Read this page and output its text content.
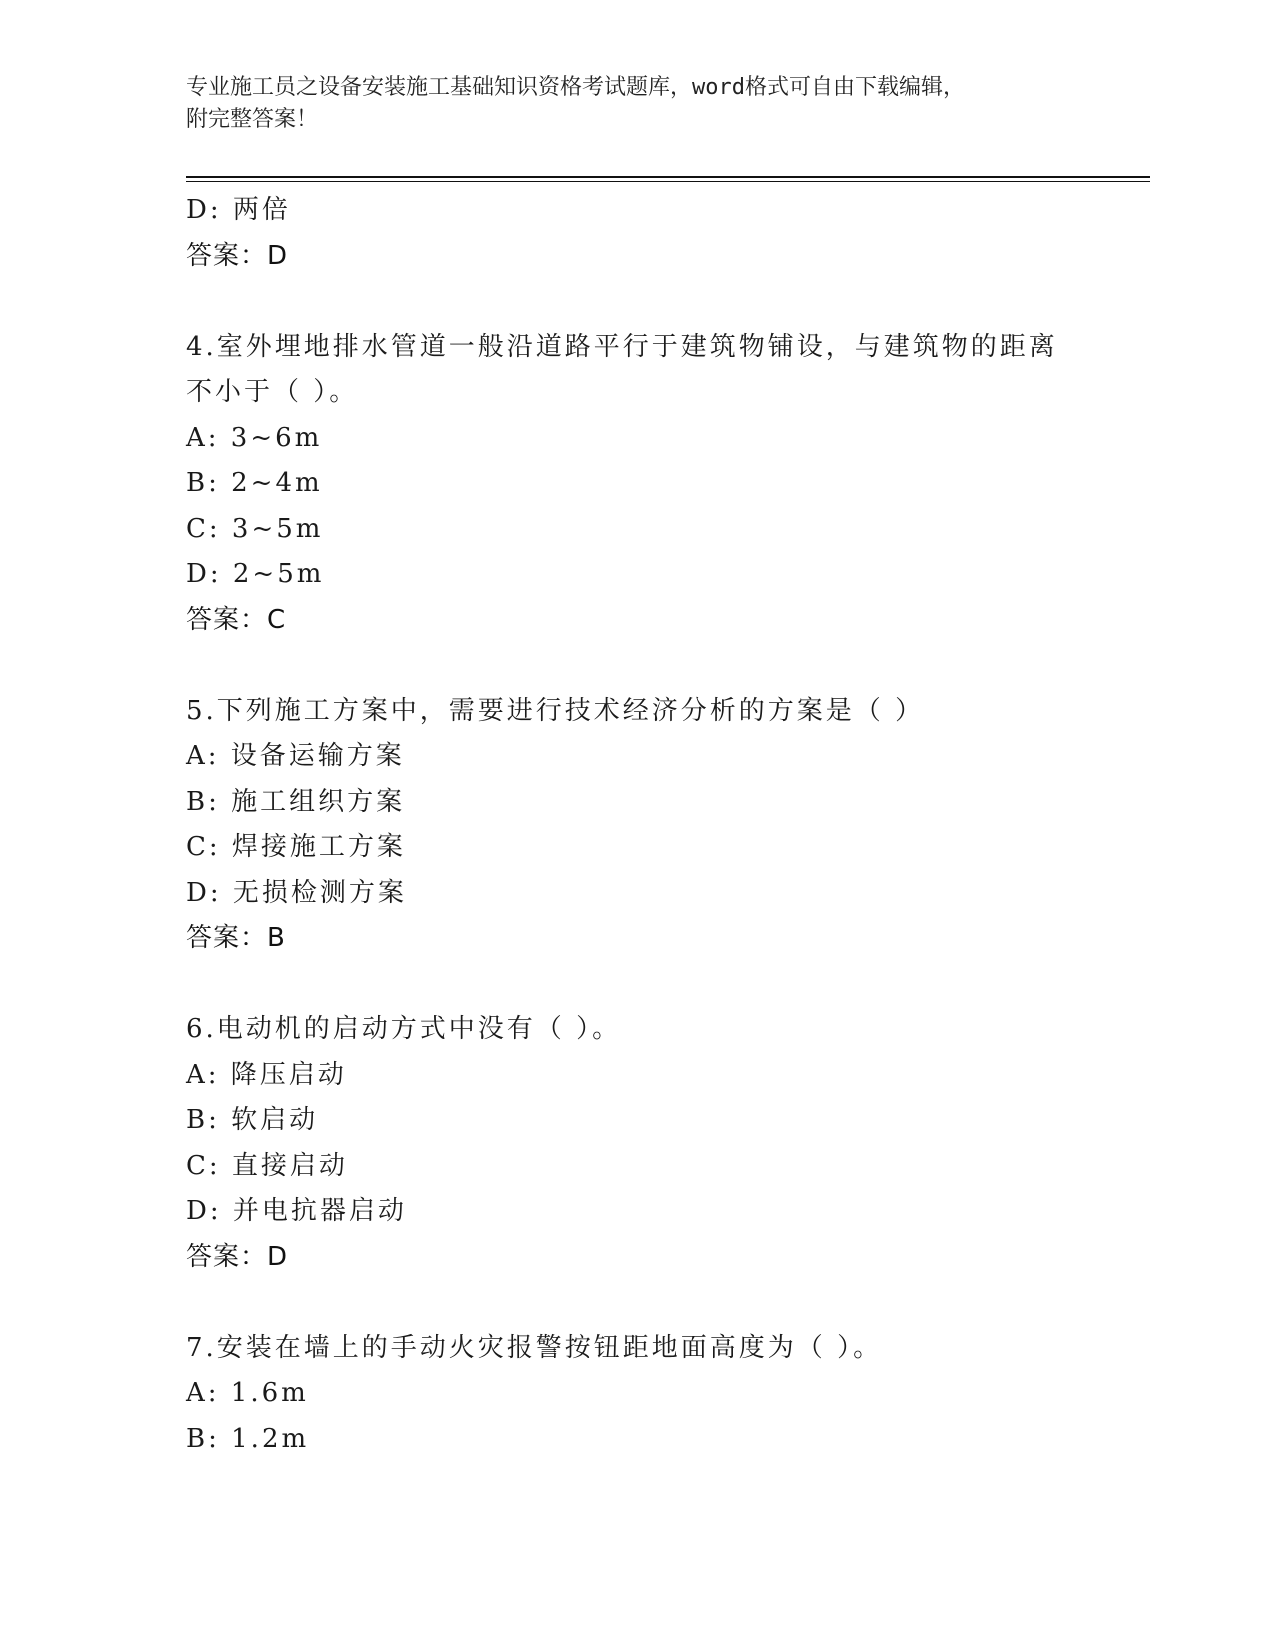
专业施工员之设备安装施工基础知识资格考试题库，word格式可自由下载编辑，
附完整答案！
D: 两倍
答案：D
4.室外埋地排水管道一般沿道路平行于建筑物铺设，与建筑物的距离
不小于（ ）。
A: 3~6m
B: 2~4m
C: 3~5m
D: 2~5m
答案：C
5.下列施工方案中，需要进行技术经济分析的方案是（ ）
A: 设备运输方案
B: 施工组织方案
C: 焊接施工方案
D: 无损检测方案
答案：B
6.电动机的启动方式中没有（ ）。
A: 降压启动
B: 软启动
C: 直接启动
D: 并电抗器启动
答案：D
7.安装在墙上的手动火灾报警按钮距地面高度为（ ）。
A: 1.6m
B: 1.2m
